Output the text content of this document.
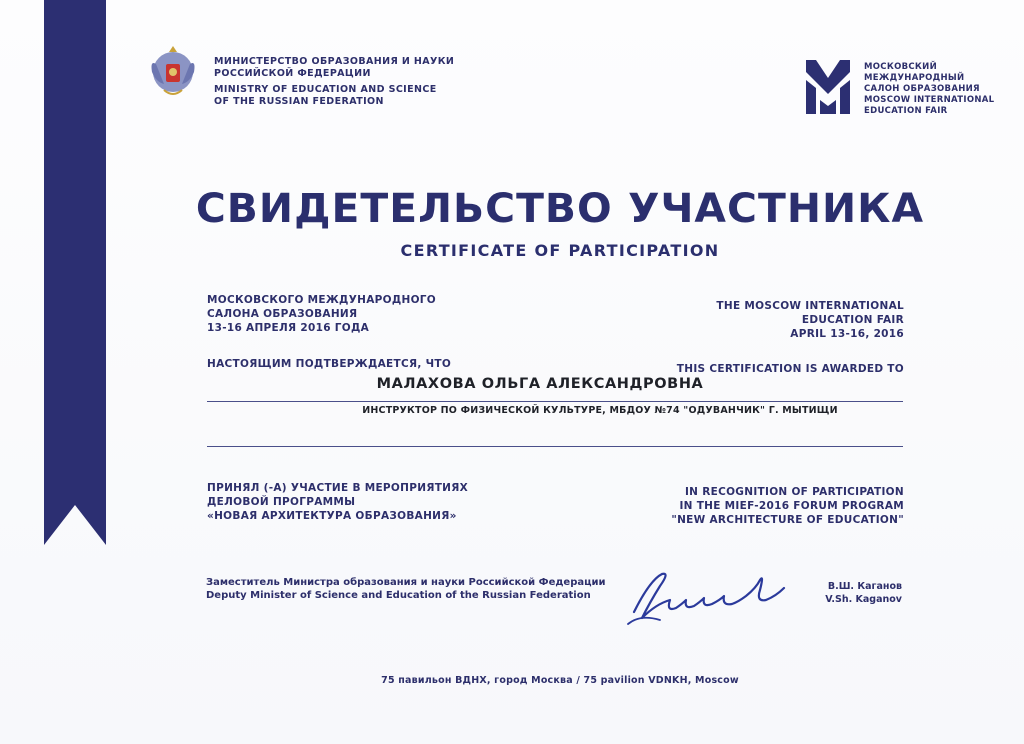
МИНИСТЕРСТВО ОБРАЗОВАНИЯ И НАУКИ
РОССИЙСКОЙ ФЕДЕРАЦИИ
MINISTRY OF EDUCATION AND SCIENCE
OF THE RUSSIAN FEDERATION
МОСКОВСКИЙ
МЕЖДУНАРОДНЫЙ
САЛОН ОБРАЗОВАНИЯ
MOSCOW INTERNATIONAL
EDUCATION FAIR
СВИДЕТЕЛЬСТВО УЧАСТНИКА
CERTIFICATE OF PARTICIPATION
МОСКОВСКОГО МЕЖДУНАРОДНОГО
САЛОНА ОБРАЗОВАНИЯ
13-16 АПРЕЛЯ 2016 ГОДА
THE MOSCOW INTERNATIONAL
EDUCATION FAIR
APRIL 13-16, 2016
НАСТОЯЩИМ ПОДТВЕРЖДАЕТСЯ, ЧТО	THIS CERTIFICATION IS AWARDED TO
МАЛАХОВА ОЛЬГА АЛЕКСАНДРОВНА
ИНСТРУКТОР ПО ФИЗИЧЕСКОЙ КУЛЬТУРЕ, МБДОУ №74 "ОДУВАНЧИК" Г. МЫТИЩИ
ПРИНЯЛ (-А) УЧАСТИЕ В МЕРОПРИЯТИЯХ
ДЕЛОВОЙ ПРОГРАММЫ
«НОВАЯ АРХИТЕКТУРА ОБРАЗОВАНИЯ»
IN RECOGNITION OF PARTICIPATION
IN THE MIEF-2016 FORUM PROGRAM
"NEW ARCHITECTURE OF EDUCATION"
Заместитель Министра образования и науки Российской Федерации
Deputy Minister of Science and Education of the Russian Federation
В.Ш. Каганов
V.Sh. Kaganov
75 павильон ВДНХ, город Москва / 75 pavilion VDNKH, Moscow
